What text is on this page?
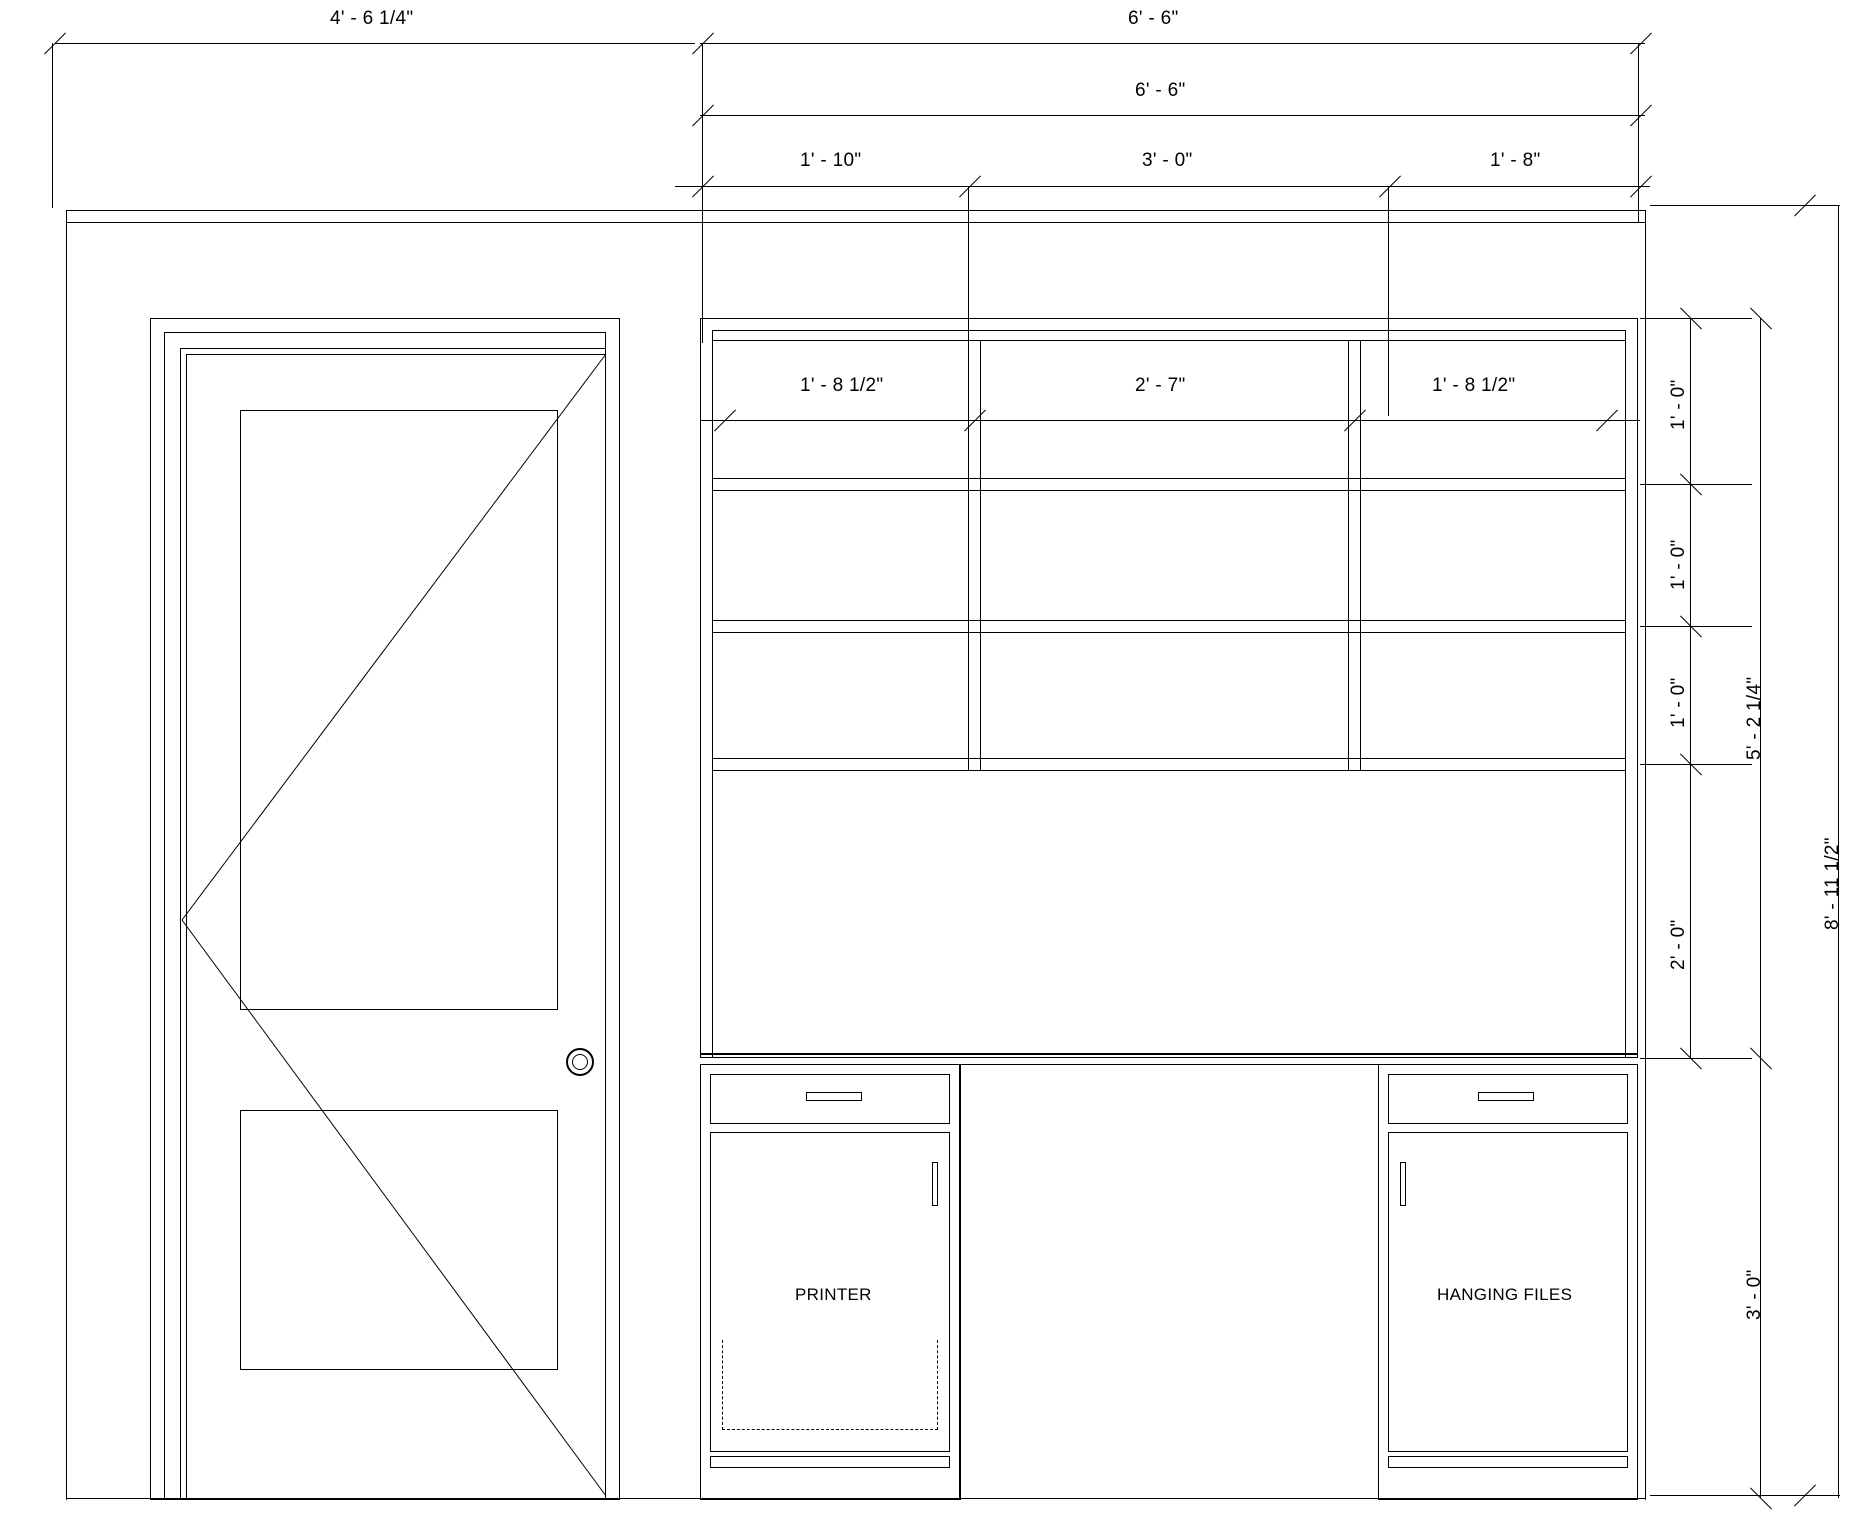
4' - 6 1/4"	6' - 6"
6' - 6"
1' - 10"	3' - 0"	1' - 8"
1' - 8 1/2"	2' - 7"	1' - 8 1/2"
PRINTER	HANGING FILES
1' - 0"
1' - 0"
1' - 0"
2' - 0"
5' - 2 1/4"
3' - 0"
8' - 11 1/2"
